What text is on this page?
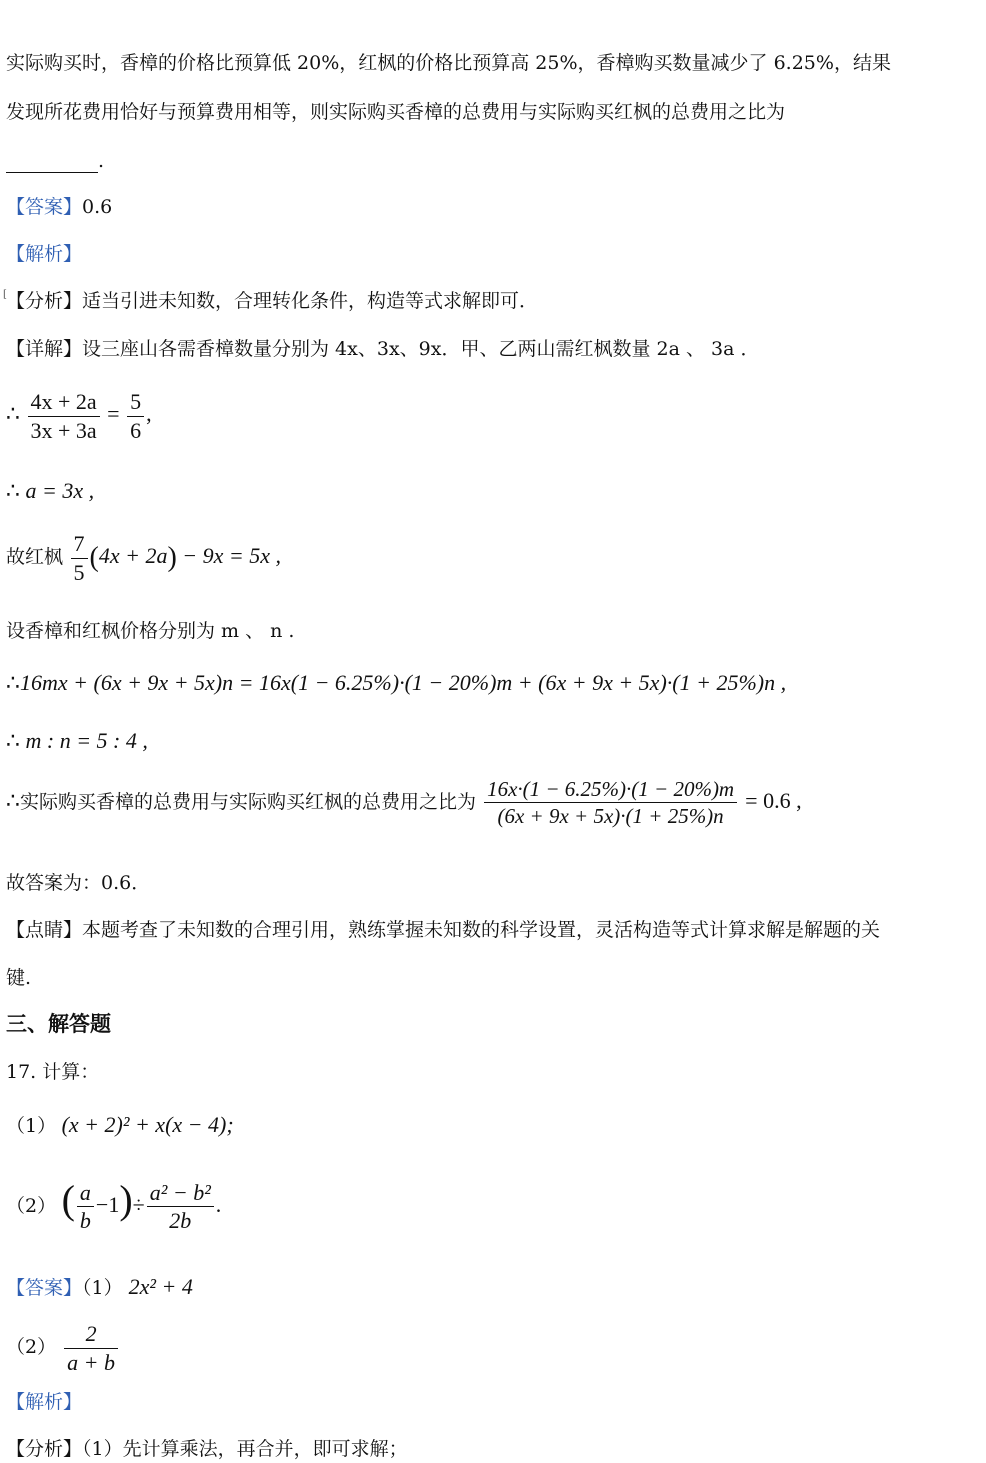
实际购买时，香樟的价格比预算低 20%，红枫的价格比预算高 25%，香樟购买数量减少了 6.25%，结果
发现所花费用恰好与预算费用相等，则实际购买香樟的总费用与实际购买红枫的总费用之比为
.
【答案】0.6
【解析】
[ 【分析】适当引进未知数，合理转化条件，构造等式求解即可．
【详解】设三座山各需香樟数量分别为 4x、3x、9x．甲、乙两山需红枫数量 2a 、 3a ．
∴ $\frac{4x + 2a}{3x + 3a} = \frac{5}{6}$ ,
∴ a = 3x ,
故红枫 $\frac{7}{5} (4x + 2a) - 9x = 5x$ ,
设香樟和红枫价格分别为 m 、 n .
∴16mx + (6x + 9x + 5x)n = 16x(1 − 6.25%)·(1 − 20%)m + (6x + 9x + 5x)·(1 + 25%)n ,
∴ m : n = 5 : 4 ,
∴实际购买香樟的总费用与实际购买红枫的总费用之比为 $\frac{16x\cdot(1 - 6.25\%)\cdot(1 - 20\%)m}{(6x + 9x + 5x)\cdot(1 + 25\%)n} = 0.6$ ,
故答案为：0.6．
【点睛】本题考查了未知数的合理引用，熟练掌握未知数的科学设置，灵活构造等式计算求解是解题的关
键.
三、解答题
17. 计算：
（1） (x + 2)² + x(x − 4);
（2） ( $\frac{a}{b} -1)\div \frac{\text{a² − b²}}{2b}$ .
【答案】（1） 2x² + 4
$(2) \frac{2}{a + b}$
【解析】
【分析】（1）先计算乘法，再合并，即可求解；
